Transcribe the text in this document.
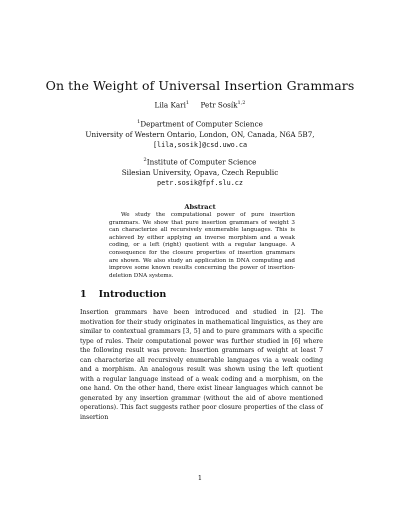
On the Weight of Universal Insertion Grammars
Lila Kari$^1$ Petr Sosík$^{1,2}$
$^1$Department of Computer Science
University of Western Ontario, London, ON, Canada, N6A 5B7,
[lila,sosik]@csd.uwo.ca
$^2$Institute of Computer Science
Silesian University, Opava, Czech Republic
petr.sosik@fpf.slu.cz
Abstract
We study the computational power of pure insertion grammars. We show that pure insertion grammars of weight 3 can characterize all recursively enumerable languages. This is achieved by either applying an inverse morphism and a weak coding, or a left (right) quotient with a regular language. A consequence for the closure properties of insertion grammars are shown. We also study an application in DNA computing and improve some known results concerning the power of insertion-deletion DNA systems.
1 Introduction
Insertion grammars have been introduced and studied in [2]. The motivation for their study originates in mathematical linguistics, as they are similar to contextual grammars [3, 5] and to pure grammars with a specific type of rules. Their computational power was further studied in [6] where the following result was proven: Insertion grammars of weight at least 7 can characterize all recursively enumerable languages via a weak coding and a morphism. An analogous result was shown using the left quotient with a regular language instead of a weak coding and a morphism, on the one hand. On the other hand, there exist linear languages which cannot be generated by any insertion grammar (without the aid of above mentioned operations). This fact suggests rather poor closure properties of the class of insertion
1
